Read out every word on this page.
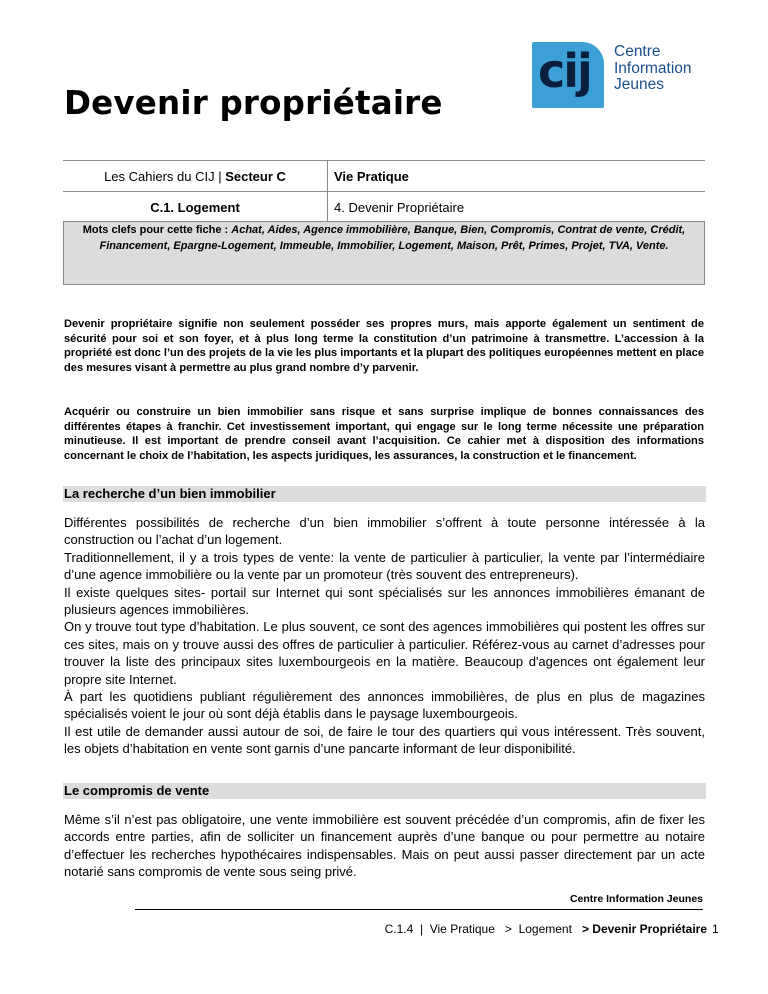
cij Centre
Information
Jeunes
Devenir propriétaire
Les Cahiers du CIJ | Secteur C	Vie Pratique
C.1. Logement	4. Devenir Propriétaire
Mots clefs pour cette fiche : Achat, Aides, Agence immobilière, Banque, Bien, Compromis, Contrat de vente, Crédit, Financement, Epargne-Logement, Immeuble, Immobilier, Logement, Maison, Prêt, Primes, Projet, TVA, Vente.

Devenir propriétaire signifie non seulement posséder ses propres murs, mais apporte également un sentiment de sécurité pour soi et son foyer, et à plus long terme la constitution d’un patrimoine à transmettre. L’accession à la propriété est donc l’un des projets de la vie les plus importants et la plupart des politiques européennes mettent en place des mesures visant à permettre au plus grand nombre d’y parvenir.

Acquérir ou construire un bien immobilier sans risque et sans surprise implique de bonnes connaissances des différentes étapes à franchir. Cet investissement important, qui engage sur le long terme nécessite une préparation minutieuse. Il est important de prendre conseil avant l’acquisition. Ce cahier met à disposition des informations concernant le choix de l’habitation, les aspects juridiques, les assurances, la construction et le financement.

La recherche d’un bien immobilier

Différentes possibilités de recherche d’un bien immobilier s’offrent à toute personne intéressée à la construction ou l’achat d’un logement.

Traditionnellement, il y a trois types de vente: la vente de particulier à particulier, la vente par l’intermédiaire d’une agence immobilière ou la vente par un promoteur (très souvent des entrepreneurs).

Il existe quelques sites- portail sur Internet qui sont spécialisés sur les annonces immobilières émanant de plusieurs agences immobilières.

On y trouve tout type d’habitation. Le plus souvent, ce sont des agences immobilières qui postent les offres sur ces sites, mais on y trouve aussi des offres de particulier à particulier. Référez-vous au carnet d’adresses pour trouver la liste des principaux sites luxembourgeois en la matière. Beaucoup d'agences ont également leur propre site Internet.

À part les quotidiens publiant régulièrement des annonces immobilières, de plus en plus de magazines spécialisés voient le jour où sont déjà établis dans le paysage luxembourgeois.

Il est utile de demander aussi autour de soi, de faire le tour des quartiers qui vous intéressent. Très souvent, les objets d’habitation en vente sont garnis d’une pancarte informant de leur disponibilité.

Le compromis de vente

Même s’il n’est pas obligatoire, une vente immobilière est souvent précédée d’un compromis, afin de fixer les accords entre parties, afin de solliciter un financement auprès d’une banque ou pour permettre au notaire d’effectuer les recherches hypothécaires indispensables. Mais on peut aussi passer directement par un acte notarié sans compromis de vente sous seing privé.

Centre Information Jeunes
C.1.4  |  Vie Pratique   >  Logement   > Devenir Propriétaire 1
